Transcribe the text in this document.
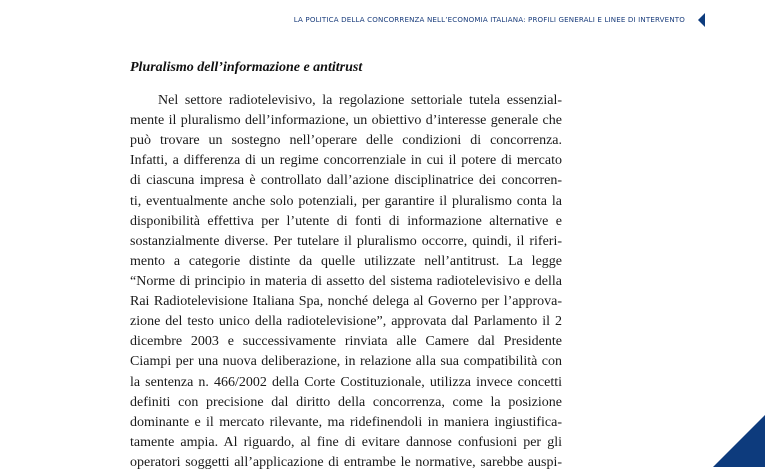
LA POLITICA DELLA CONCORRENZA NELL’ECONOMIA ITALIANA: PROFILI GENERALI E LINEE DI INTERVENTO
Pluralismo dell’informazione e antitrust
Nel settore radiotelevisivo, la regolazione settoriale tutela essenzial-
mente il pluralismo dell’informazione, un obiettivo d’interesse generale che
può trovare un sostegno nell’operare delle condizioni di concorrenza.
Infatti, a differenza di un regime concorrenziale in cui il potere di mercato
di ciascuna impresa è controllato dall’azione disciplinatrice dei concorren-
ti, eventualmente anche solo potenziali, per garantire il pluralismo conta la
disponibilità effettiva per l’utente di fonti di informazione alternative e
sostanzialmente diverse. Per tutelare il pluralismo occorre, quindi, il riferi-
mento a categorie distinte da quelle utilizzate nell’antitrust. La legge
“Norme di principio in materia di assetto del sistema radiotelevisivo e della
Rai Radiotelevisione Italiana Spa, nonché delega al Governo per l’approva-
zione del testo unico della radiotelevisione”, approvata dal Parlamento il 2
dicembre 2003 e successivamente rinviata alle Camere dal Presidente
Ciampi per una nuova deliberazione, in relazione alla sua compatibilità con
la sentenza n. 466/2002 della Corte Costituzionale, utilizza invece concetti
definiti con precisione dal diritto della concorrenza, come la posizione
dominante e il mercato rilevante, ma ridefinendoli in maniera ingiustifica-
tamente ampia. Al riguardo, al fine di evitare dannose confusioni per gli
operatori soggetti all’applicazione di entrambe le normative, sarebbe auspi-
